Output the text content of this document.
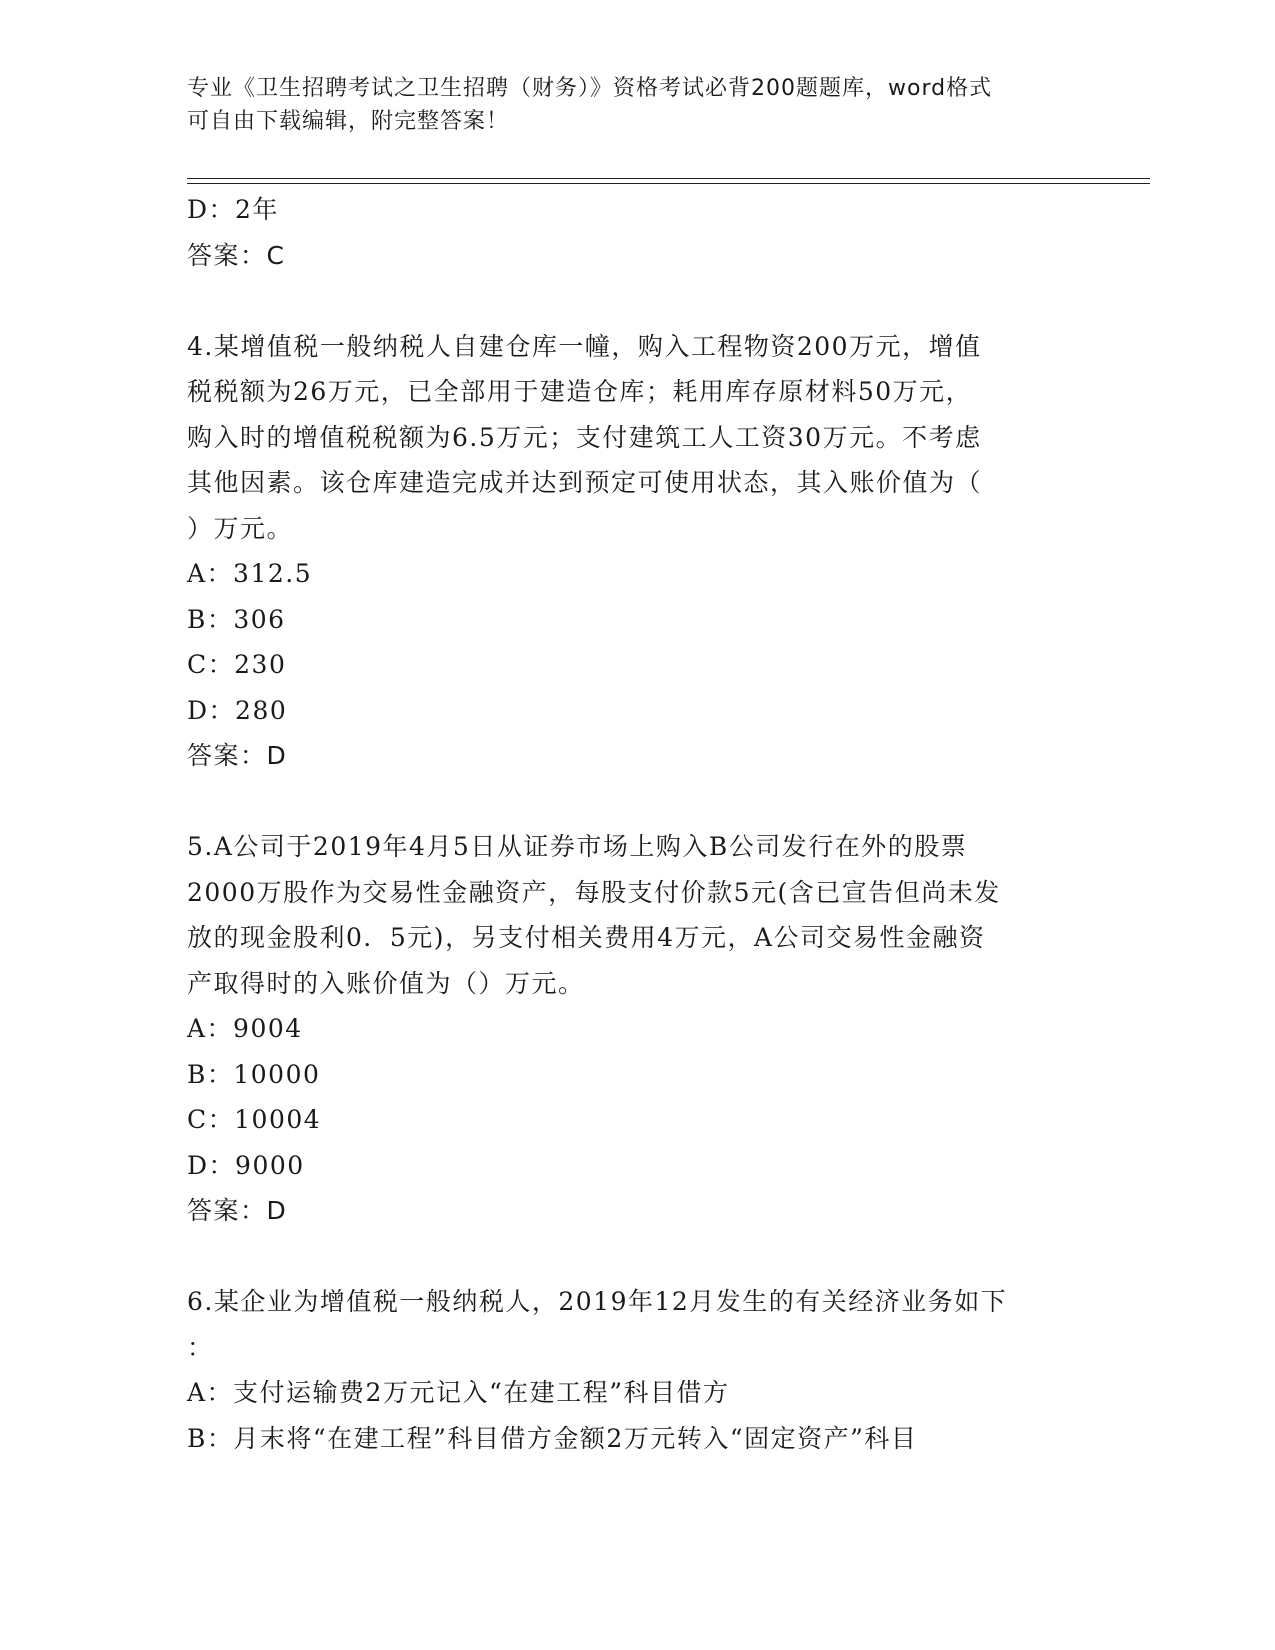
专业《卫生招聘考试之卫生招聘（财务）》资格考试必背200题题库，word格式
可自由下载编辑，附完整答案！
D：2年
答案：C
4.某增值税一般纳税人自建仓库一幢，购入工程物资200万元，增值
税税额为26万元，已全部用于建造仓库；耗用库存原材料50万元，
购入时的增值税税额为6.5万元；支付建筑工人工资30万元。不考虑
其他因素。该仓库建造完成并达到预定可使用状态，其入账价值为（
）万元。
A：312.5
B：306
C：230
D：280
答案：D
5.A公司于2019年4月5日从证券市场上购入B公司发行在外的股票
2000万股作为交易性金融资产，每股支付价款5元(含已宣告但尚未发
放的现金股利0．5元)，另支付相关费用4万元，A公司交易性金融资
产取得时的入账价值为（）万元。
A：9004
B：10000
C：10004
D：9000
答案：D
6.某企业为增值税一般纳税人，2019年12月发生的有关经济业务如下
：
A：支付运输费2万元记入“在建工程”科目借方
B：月末将“在建工程”科目借方金额2万元转入“固定资产”科目
